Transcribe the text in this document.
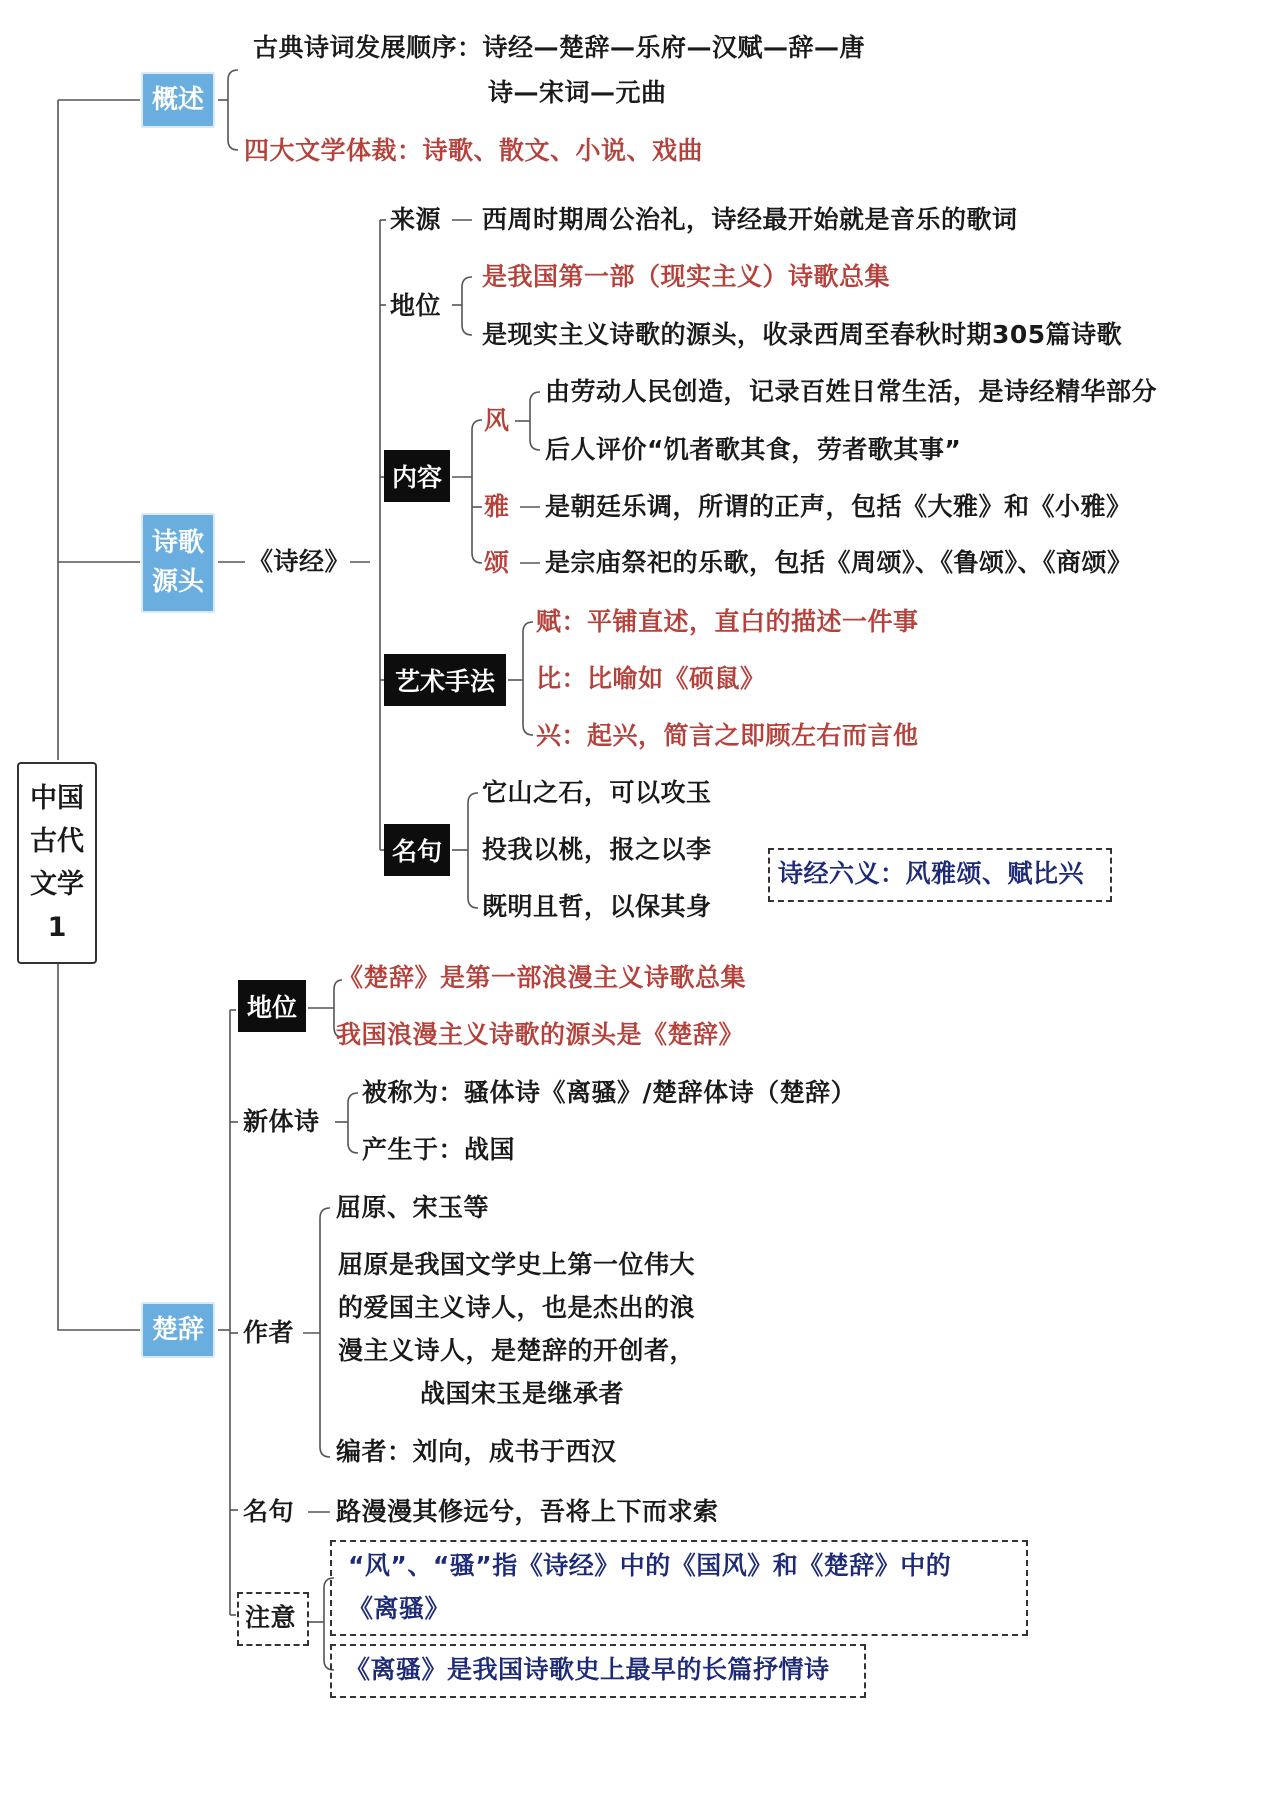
中国古代文学1
概述
古典诗词发展顺序：诗经—楚辞—乐府—汉赋—辞—唐
诗—宋词—元曲
四大文学体裁：诗歌、散文、小说、戏曲
诗歌源头
《诗经》
来源 西周时期周公治礼，诗经最开始就是音乐的歌词
地位
是我国第一部（现实主义）诗歌总集
是现实主义诗歌的源头，收录西周至春秋时期305篇诗歌
内容
风
由劳动人民创造，记录百姓日常生活，是诗经精华部分
后人评价“饥者歌其食，劳者歌其事”
雅 是朝廷乐调，所谓的正声，包括《大雅》和《小雅》
颂 是宗庙祭祀的乐歌，包括《周颂》、《鲁颂》、《商颂》
艺术手法
赋：平铺直述，直白的描述一件事
比：比喻如《硕鼠》
兴：起兴，简言之即顾左右而言他
名句
它山之石，可以攻玉
投我以桃，报之以李
既明且哲，以保其身
诗经六义：风雅颂、赋比兴
楚辞
地位
《楚辞》是第一部浪漫主义诗歌总集
我国浪漫主义诗歌的源头是《楚辞》
新体诗
被称为：骚体诗《离骚》/楚辞体诗（楚辞）
产生于：战国
作者
屈原、宋玉等
屈原是我国文学史上第一位伟大
的爱国主义诗人，也是杰出的浪
漫主义诗人，是楚辞的开创者，
战国宋玉是继承者
编者：刘向，成书于西汉
名句 路漫漫其修远兮，吾将上下而求索
注意
“风”、“骚”指《诗经》中的《国风》和《楚辞》中的
《离骚》
《离骚》是我国诗歌史上最早的长篇抒情诗
